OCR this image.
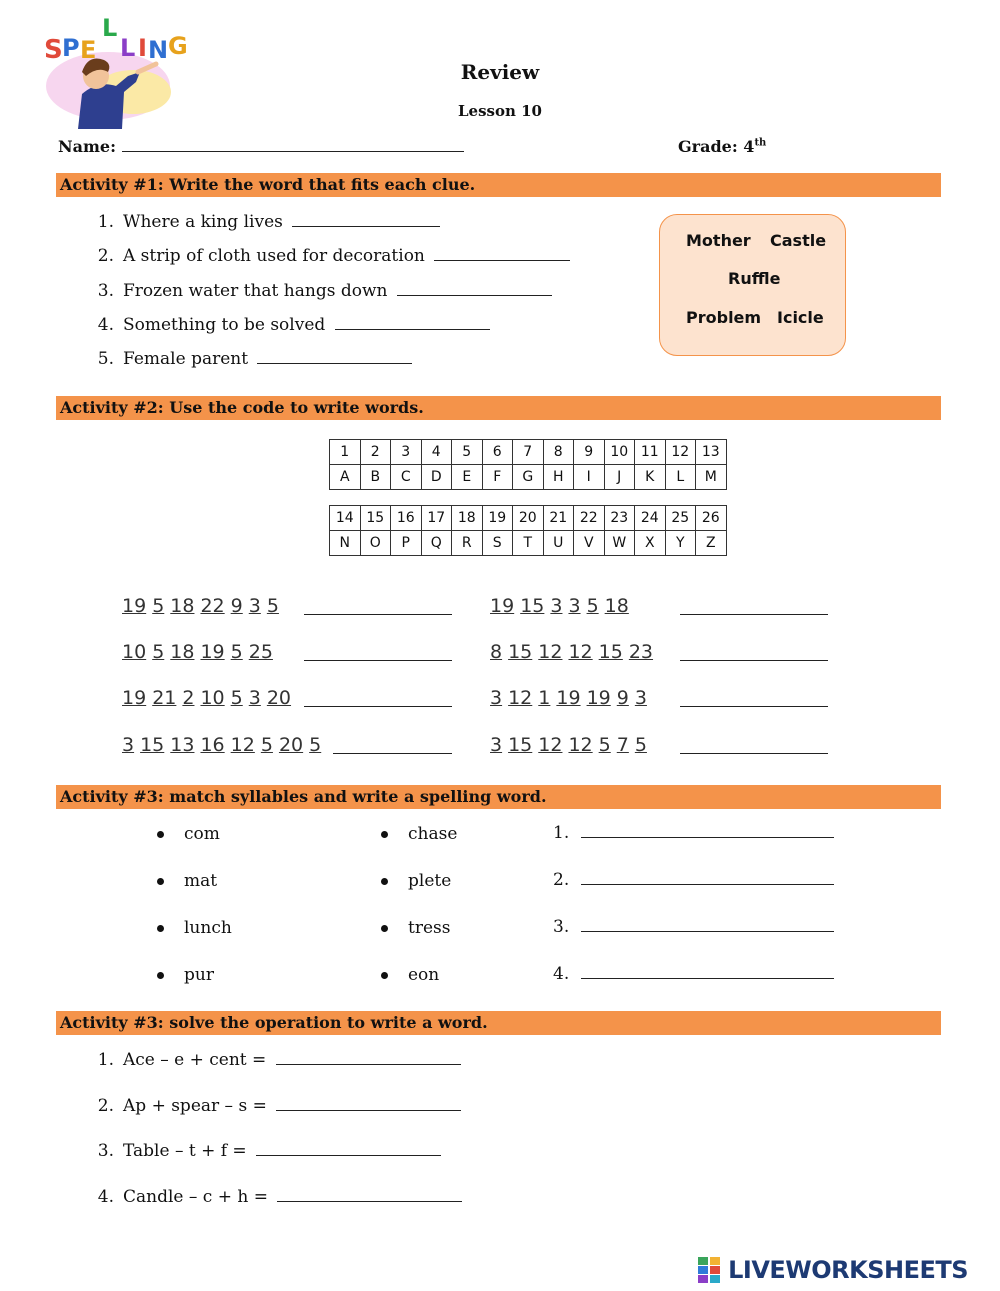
S P E
L
L I N G
Review
Lesson 10
Name:	Grade: 4th
Activity #1: Write the word that fits each clue.
1. Where a king lives
2. A strip of cloth used for decoration
3. Frozen water that hangs down
4. Something to be solved
5. Female parent
Mother Castle
Ruffle
Problem Icicle
Activity #2: Use the code to write words.
1	2	3	4	5	6	7	8	9	10	11	12	13
A	B	C	D	E	F	G	H	I	J	K	L	M
14	15	16	17	18	19	20	21	22	23	24	25	26
N	O	P	Q	R	S	T	U	V	W	X	Y	Z
19 5 18 22 9 3 5
10 5 18 19 5 25
19 21 2 10 5 3 20
3 15 13 16 12 5 20 5
19 15 3 3 5 18
8 15 12 12 15 23
3 12 1 19 19 9 3
3 15 12 12 5 7 5
Activity #3: match syllables and write a spelling word.
com
mat
lunch
pur
chase
plete
tress
eon
1.
2.
3.
4.
Activity #3: solve the operation to write a word.
1. Ace – e + cent =
2. Ap + spear – s =
3. Table – t + f =
4. Candle – c + h =
LIVEWORKSHEETS
